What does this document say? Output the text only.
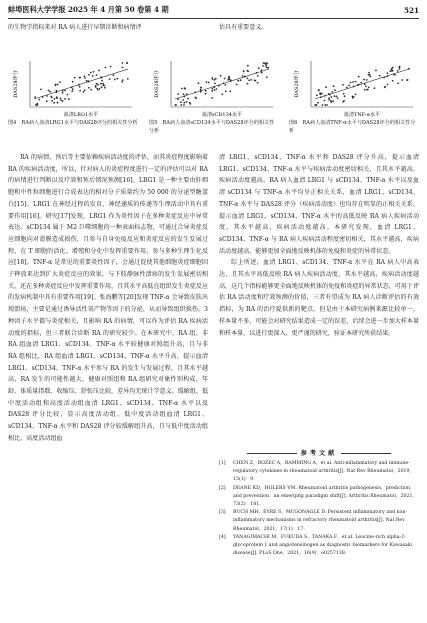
蚌埠医科大学学报 2025 年 4 月第 50 卷第 4 期	521

的生物学指标来对 RA 病人进行早期诊断和病情评	估具有重要意义。

血清LRG1水平
DAS28评分
图4　RA病人血清LRG1水平与DAS28评分的相关性分析
血清sCD134水平
DAS28评分
图5　RA病人血清sCD134水平与DAS28评分的相关性分析
血清TNF-α水平
DAS28评分
图6　RA病人血清TNF-α水平与DAS28评分的相关性分析

RA 的病情、预后等主要依赖疾病活动度的评估，而其炎症程度影响着 RA 的疾病活动度，所以，针对病人的炎症程度进行一定的评估可以对 RA 的病情进行判断以及疗效和预后情况预测[16]。LRG1 是一种主要由肝细胞和中性粒细胞进行合成表达的相对分子质量约为 50 000 的分泌型糖蛋白[15]。LRG1 在神经过程的发育、神经递质的传递等生理活动中具有重要作用[16]。研究[17]发现，LRG1 作为炎性因子在多种炎症反应中异常表达。sCD134 属于 M2 巨噬细胞的一种表面标志物，可通过合导炎症反应细胞向对滑膜造成损伤，且参与自身免疫反应和炎症反应的发生发展过程，在 T 细胞的活化、增殖和分化中发挥重要作用，参与多种生理生化反应[18]。TNF-α 是常见的重要炎性因子，会通过促使其他细胞炎症细胞因子释放来达到扩大炎症反应的效果，与下肢静脉性溃疡的发生发展密切相关，还在多种炎症反应中发挥重要作用，且其水平高低在组织发生炎症反应的发病机制中具有重要作用[19]。张海鹏等[20]发现 TNF-α 会导致皮肤出现溃疡，主要是通过诱导活性氧产物等因子的分泌，从而导致组织损伤。3 种因子水平都与炎症相关，且影响 RA 的病情，可以作为评估 RA 疾病活动度的指标，但三者联合诊断 RA 的研究较少。在本研究中，RA 组、非 RA 组血清 LRG1、sCD134、TNF-α 水平较健康对照组升高，且与非 RA 组相比，RA 组血清 LRG1、sCD134、TNF-α 水平升高，提示血清 LRG1、sCD134、TNF-α 水平参与 RA 的发生与发展过程，且其水平越高，RA 发生的可能性越大。健康对照组和 RA 组研究对象性别构成、年龄、体质量指数、收缩压、舒张压比较，差异均无统计学意义。缓解组、低中度活动组和高度活动组血清 LRG1、sCD134、TNF-α 水平以及 DAS28 评分比较，显示高度活动组、低中度活动组血清 LRG1、sCD134、TNF-α 水平和 DAS28 评分较缓解组升高，且与低中度活动组相比，高度活动组血

清 LRG1、sCD134、TNF-α 水平和 DAS28 评分升高，提示血清 LRG1、sCD134、TNF-α 水平与疾病活动度密切相关，且其水平越高，疾病活动度越高。RA 病人血清 LRG1 与 sCD134、TNF-α 水平以及血清 sCD134 与 TNF-α 水平均呈正相关关系，血清 LRG1、sCD134、TNF-α 水平与 DAS28 评分（疾病活动度）也均存在明显的正相关关系，提示血清 LRG1、sCD134、TNF-α 水平的高低反映 RA 病人疾病活动度，其水平越高，疾病活动度越高。本研究发现，血清 LRG1、sCD134、TNF-α 与 RA 病人疾病活动程度密切相关，其水平越高，疾病活动度越高，能够更加全面地反映机体的免疫和炎症的异常状态。

综上所述，血清 LRG1、sCD134、TNF-α 水平在 RA 病人中高表达，且其水平高低反映 RA 病人疾病活动度，其水平越高，疾病活动度越高，这几个指标能够更全面地反映机体的免疫和炎症的异常状态，可用于评估 RA 活动度和疗效预测的价值，三者有望成为 RA 病人诊断评估的有效指标，为 RA 的治疗提供新的靶点。但是由于本研究病例来源比较单一，样本量不多，可能会对研究结果造成一定的误差，后续会进一步加大样本量和样本量，以进行更深入、更严谨的研究，验证本研究所获结果。

参考文献
[1]	CHEN Z，BOZEC A，RAMMING A，et al. Anti-inflammatory and immune-regulatory cytokines in rheumatoid arthritis[J]. Nat Rev Rheumatol，2019，15(1)：9.
[2]	DEANE KD，HOLERS VM. Rheumatoid arthritis pathogenesis，prediction，and prevention：an emerging paradigm shift[J]. Arthritis Rheumatol，2021，73(2)：181.
[3]	BUCH MH，EYRE S，MCGONAGLE D. Persistent inflammatory and non-inflammatory mechanisms in refractory rheumatoid arthritis[J]. Nat Rev Rheumatol，2021，17(1)：17.
[4]	YANAGIMACHI M，FUKUDA S，TANAKA F，et al. Leucine-rich alpha-2-glycoprotein 1 and angiotensinogen as diagnostic biomarkers for Kawasaki disease[J]. PLoS One，2021，16(9)：e0257138.
